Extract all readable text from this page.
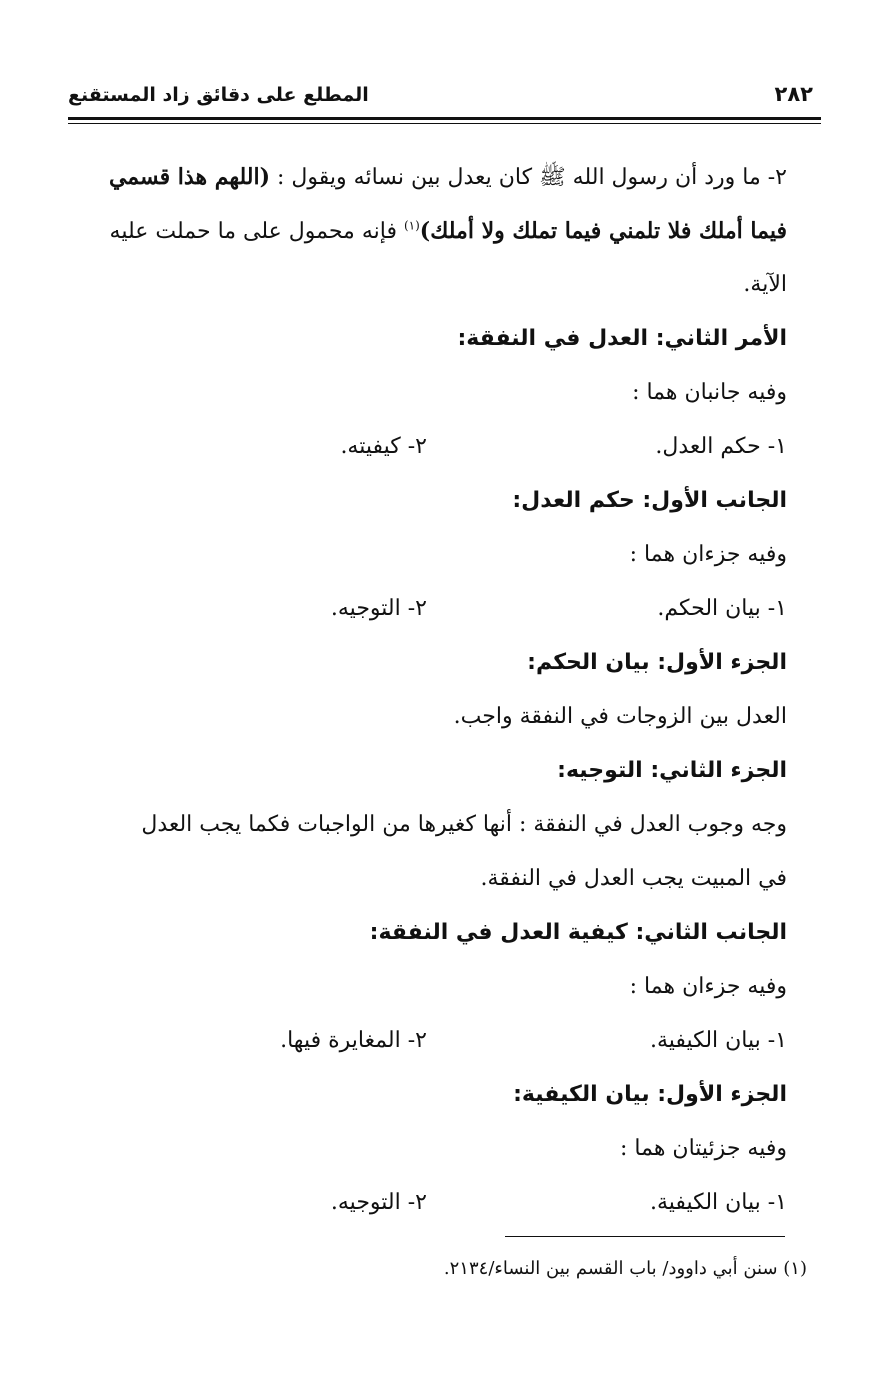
٢٨٢
المطلع على دقائق زاد المستقنع
٢- ما ورد أن رسول الله ﷺ كان يعدل بين نسائه ويقول : (اللهم هذا قسمي
فيما أملك فلا تلمني فيما تملك ولا أملك)$^{(١)}$ فإنه محمول على ما حملت عليه
الآية.
الأمر الثاني: العدل في النفقة:
وفيه جانبان هما :
١- حكم العدل.
٢- كيفيته.
الجانب الأول: حكم العدل:
وفيه جزءان هما :
١- بيان الحكم.
٢- التوجيه.
الجزء الأول: بيان الحكم:
العدل بين الزوجات في النفقة واجب.
الجزء الثاني: التوجيه:
وجه وجوب العدل في النفقة : أنها كغيرها من الواجبات فكما يجب العدل
في المبيت يجب العدل في النفقة.
الجانب الثاني: كيفية العدل في النفقة:
وفيه جزءان هما :
١- بيان الكيفية.
٢- المغايرة فيها.
الجزء الأول: بيان الكيفية:
وفيه جزئيتان هما :
١- بيان الكيفية.
٢- التوجيه.
(١) سنن أبي داوود/ باب القسم بين النساء/٢١٣٤.
